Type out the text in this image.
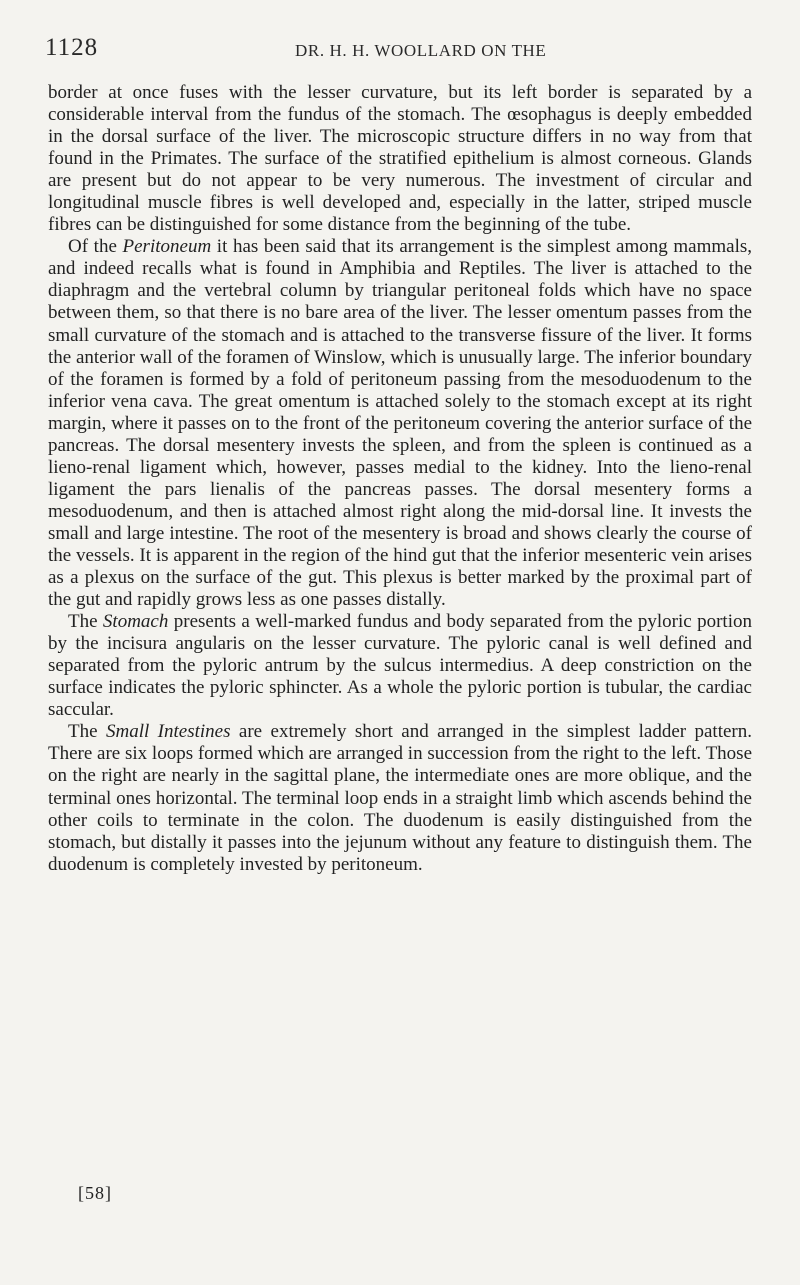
1128	DR. H. H. WOOLLARD ON THE

border at once fuses with the lesser curvature, but its left border is separated by a considerable interval from the fundus of the stomach. The œsophagus is deeply embedded in the dorsal surface of the liver. The microscopic structure differs in no way from that found in the Primates. The surface of the stratified epithelium is almost corneous. Glands are present but do not appear to be very numerous. The investment of circular and longitudinal muscle fibres is well developed and, especially in the latter, striped muscle fibres can be distinguished for some distance from the beginning of the tube.

Of the Peritoneum it has been said that its arrangement is the simplest among mammals, and indeed recalls what is found in Amphibia and Reptiles. The liver is attached to the diaphragm and the vertebral column by triangular peritoneal folds which have no space between them, so that there is no bare area of the liver. The lesser omentum passes from the small curvature of the stomach and is attached to the transverse fissure of the liver. It forms the anterior wall of the foramen of Winslow, which is unusually large. The inferior boundary of the foramen is formed by a fold of peritoneum passing from the mesoduodenum to the inferior vena cava. The great omentum is attached solely to the stomach except at its right margin, where it passes on to the front of the peritoneum covering the anterior surface of the pancreas. The dorsal mesentery invests the spleen, and from the spleen is continued as a lieno-renal ligament which, however, passes medial to the kidney. Into the lieno-renal ligament the pars lienalis of the pancreas passes. The dorsal mesentery forms a mesoduodenum, and then is attached almost right along the mid-dorsal line. It invests the small and large intestine. The root of the mesentery is broad and shows clearly the course of the vessels. It is apparent in the region of the hind gut that the inferior mesenteric vein arises as a plexus on the surface of the gut. This plexus is better marked by the proximal part of the gut and rapidly grows less as one passes distally.

The Stomach presents a well-marked fundus and body separated from the pyloric portion by the incisura angularis on the lesser curvature. The pyloric canal is well defined and separated from the pyloric antrum by the sulcus intermedius. A deep constriction on the surface indicates the pyloric sphincter. As a whole the pyloric portion is tubular, the cardiac saccular.

The Small Intestines are extremely short and arranged in the simplest ladder pattern. There are six loops formed which are arranged in succession from the right to the left. Those on the right are nearly in the sagittal plane, the intermediate ones are more oblique, and the terminal ones horizontal. The terminal loop ends in a straight limb which ascends behind the other coils to terminate in the colon. The duodenum is easily distinguished from the stomach, but distally it passes into the jejunum without any feature to distinguish them. The duodenum is completely invested by peritoneum.

[58]
